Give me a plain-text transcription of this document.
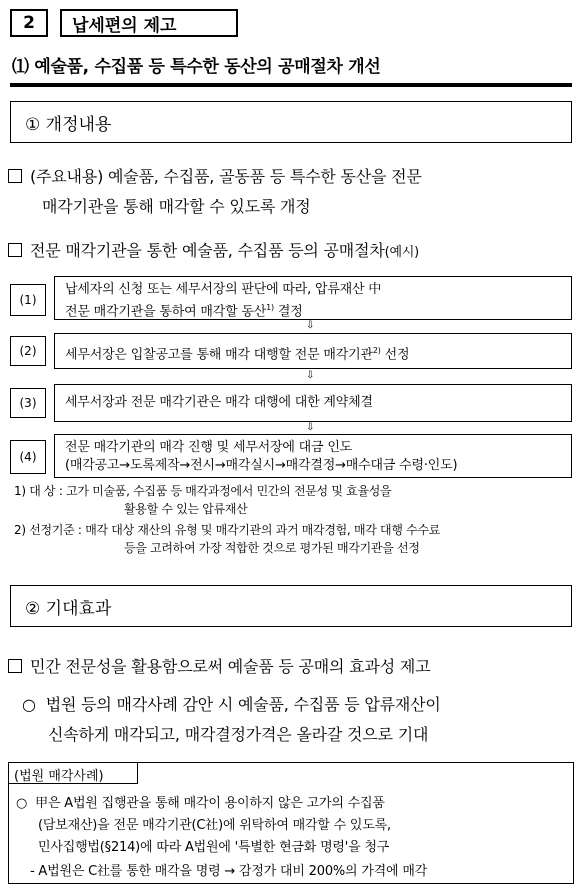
2	납세편의 제고
⑴ 예술품, 수집품 등 특수한 동산의 공매절차 개선
① 개정내용
(주요내용) 예술품, 수집품, 골동품 등 특수한 동산을 전문
매각기관을 통해 매각할 수 있도록 개정
전문 매각기관을 통한 예술품, 수집품 등의 공매절차(예시)
(1)
납세자의 신청 또는 세무서장의 판단에 따라, 압류재산 中
전문 매각기관을 통하여 매각할 동산$^{1)}$ 결정
⇩
(2)	세무서장은 입찰공고를 통해 매각 대행할 전문 매각기관$^{2)}$ 선정
⇩
(3)	세무서장과 전문 매각기관은 매각 대행에 대한 계약체결
⇩
(4)
전문 매각기관의 매각 진행 및 세무서장에 대금 인도
(매각공고→도록제작→전시→매각실시→매각결정→매수대금 수령·인도)
1) 대 상 : 고가 미술품, 수집품 등 매각과정에서 민간의 전문성 및 효율성을
활용할 수 있는 압류재산
2) 선정기준 : 매각 대상 재산의 유형 및 매각기관의 과거 매각경험, 매각 대행 수수료
등을 고려하여 가장 적합한 것으로 평가된 매각기관을 선정
② 기대효과
민간 전문성을 활용함으로써 예술품 등 공매의 효과성 제고
○ 법원 등의 매각사례 감안 시 예술품, 수집품 등 압류재산이
신속하게 매각되고, 매각결정가격은 올라갈 것으로 기대
(법원 매각사례)
○ 甲은 A법원 집행관을 통해 매각이 용이하지 않은 고가의 수집품
(담보재산)을 전문 매각기관(C社)에 위탁하여 매각할 수 있도록,
민사집행법(§214)에 따라 A법원에 '특별한 현금화 명령'을 청구
- A법원은 C社를 통한 매각을 명령 → 감정가 대비 200%의 가격에 매각
